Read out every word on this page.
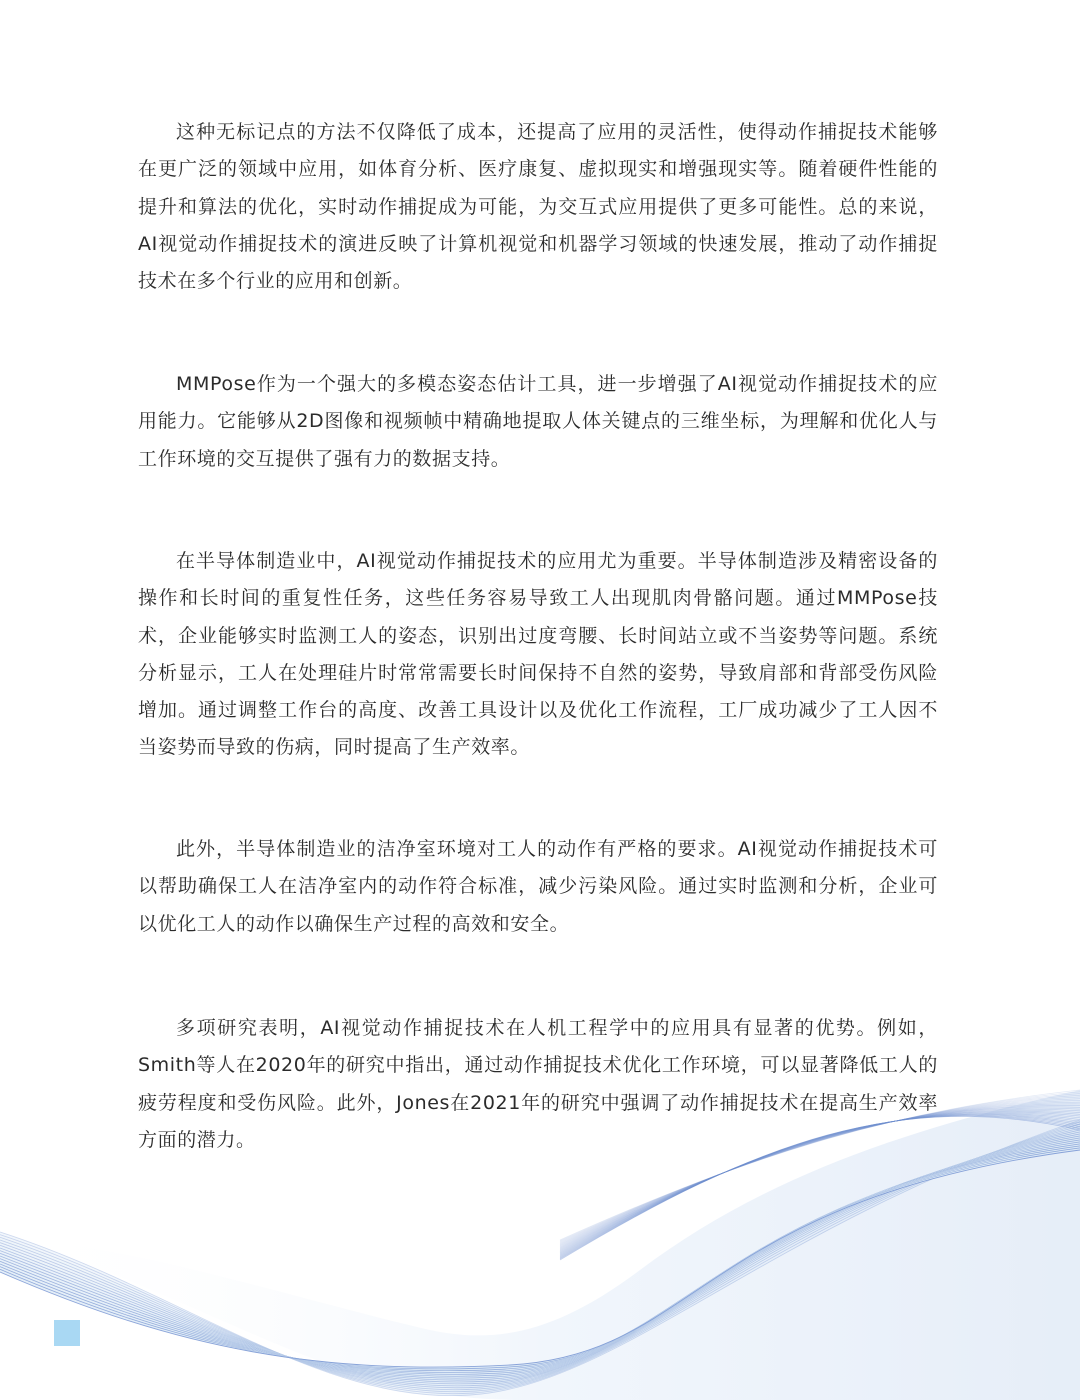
这种无标记点的方法不仅降低了成本，还提高了应用的灵活性，使得动作捕捉技术能够在更广泛的领域中应用，如体育分析、医疗康复、虚拟现实和增强现实等。随着硬件性能的提升和算法的优化，实时动作捕捉成为可能，为交互式应用提供了更多可能性。总的来说，AI视觉动作捕捉技术的演进反映了计算机视觉和机器学习领域的快速发展，推动了动作捕捉技术在多个行业的应用和创新。

MMPose作为一个强大的多模态姿态估计工具，进一步增强了AI视觉动作捕捉技术的应用能力。它能够从2D图像和视频帧中精确地提取人体关键点的三维坐标，为理解和优化人与工作环境的交互提供了强有力的数据支持。

在半导体制造业中，AI视觉动作捕捉技术的应用尤为重要。半导体制造涉及精密设备的操作和长时间的重复性任务，这些任务容易导致工人出现肌肉骨骼问题。通过MMPose技术，企业能够实时监测工人的姿态，识别出过度弯腰、长时间站立或不当姿势等问题。系统分析显示，工人在处理硅片时常常需要长时间保持不自然的姿势，导致肩部和背部受伤风险增加。通过调整工作台的高度、改善工具设计以及优化工作流程，工厂成功减少了工人因不当姿势而导致的伤病，同时提高了生产效率。

此外，半导体制造业的洁净室环境对工人的动作有严格的要求。AI视觉动作捕捉技术可以帮助确保工人在洁净室内的动作符合标准，减少污染风险。通过实时监测和分析，企业可以优化工人的动作以确保生产过程的高效和安全。

多项研究表明，AI视觉动作捕捉技术在人机工程学中的应用具有显著的优势。例如，Smith等人在2020年的研究中指出，通过动作捕捉技术优化工作环境，可以显著降低工人的疲劳程度和受伤风险。此外，Jones在2021年的研究中强调了动作捕捉技术在提高生产效率方面的潜力。

160
大数跨境
